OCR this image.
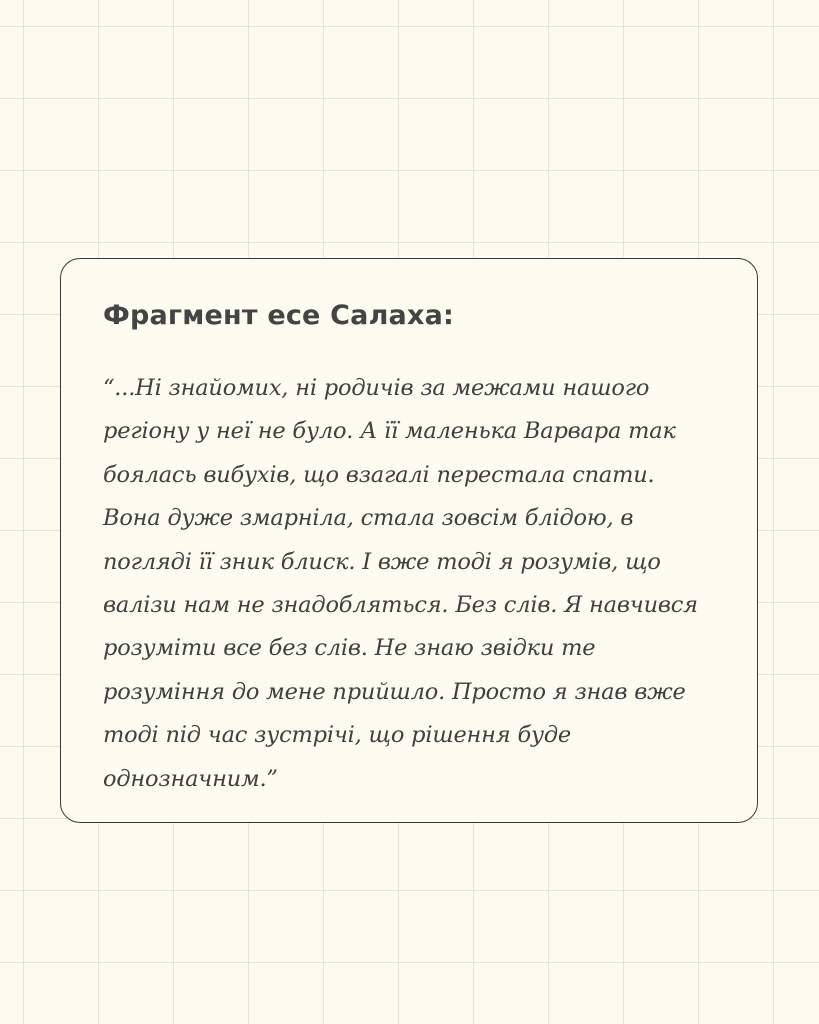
Фрагмент есе Салаха:

“...Ні знайомих, ні родичів за межами нашого
регіону у неї не було. А її маленька Варвара так
боялась вибухів, що взагалі перестала спати.
Вона дуже змарніла, стала зовсім блідою, в
погляді її зник блиск. І вже тоді я розумів, що
валізи нам не знадобляться. Без слів. Я навчився
розуміти все без слів. Не знаю звідки те
розуміння до мене прийшло. Просто я знав вже
тоді під час зустрічі, що рішення буде
однозначним.”
